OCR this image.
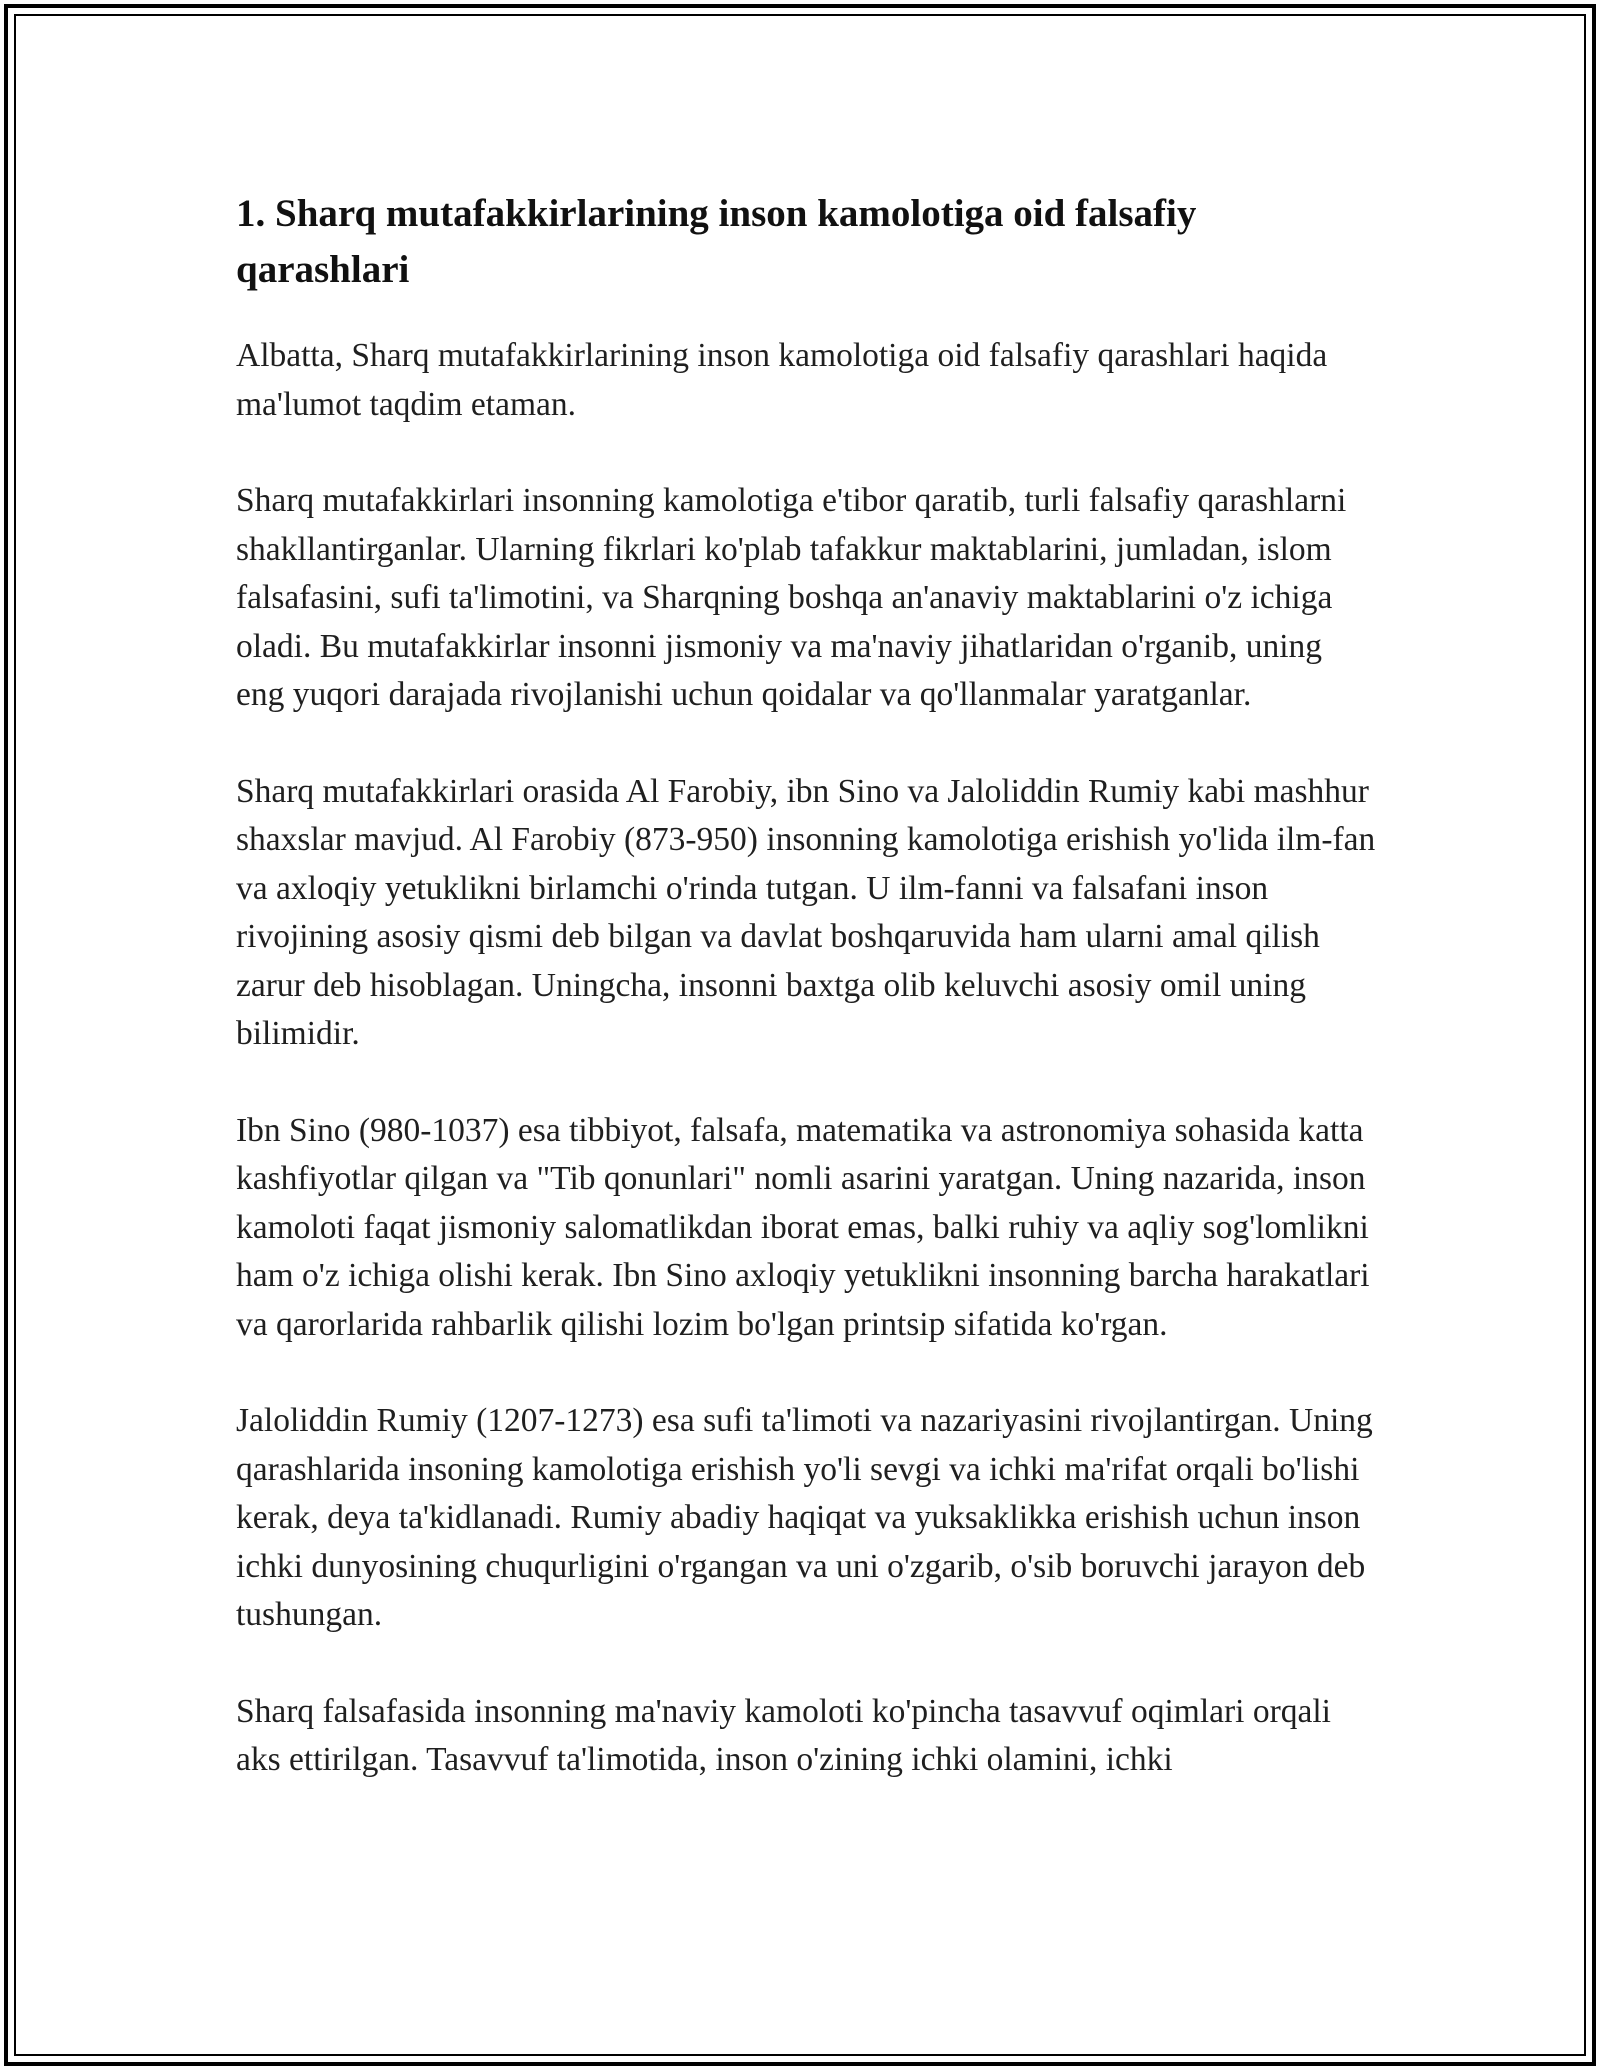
1. Sharq mutafakkirlarining inson kamolotiga oid falsafiy qarashlari

Albatta, Sharq mutafakkirlarining inson kamolotiga oid falsafiy qarashlari haqida ma'lumot taqdim etaman.

Sharq mutafakkirlari insonning kamolotiga e'tibor qaratib, turli falsafiy qarashlarni shakllantirganlar. Ularning fikrlari ko'plab tafakkur maktablarini, jumladan, islom falsafasini, sufi ta'limotini, va Sharqning boshqa an'anaviy maktablarini o'z ichiga oladi. Bu mutafakkirlar insonni jismoniy va ma'naviy jihatlaridan o'rganib, uning eng yuqori darajada rivojlanishi uchun qoidalar va qo'llanmalar yaratganlar.

Sharq mutafakkirlari orasida Al Farobiy, ibn Sino va Jaloliddin Rumiy kabi mashhur shaxslar mavjud. Al Farobiy (873-950) insonning kamolotiga erishish yo'lida ilm-fan va axloqiy yetuklikni birlamchi o'rinda tutgan. U ilm-fanni va falsafani inson rivojining asosiy qismi deb bilgan va davlat boshqaruvida ham ularni amal qilish zarur deb hisoblagan. Uningcha, insonni baxtga olib keluvchi asosiy omil uning bilimidir.

Ibn Sino (980-1037) esa tibbiyot, falsafa, matematika va astronomiya sohasida katta kashfiyotlar qilgan va "Tib qonunlari" nomli asarini yaratgan. Uning nazarida, inson kamoloti faqat jismoniy salomatlikdan iborat emas, balki ruhiy va aqliy sog'lomlikni ham o'z ichiga olishi kerak. Ibn Sino axloqiy yetuklikni insonning barcha harakatlari va qarorlarida rahbarlik qilishi lozim bo'lgan printsip sifatida ko'rgan.

Jaloliddin Rumiy (1207-1273) esa sufi ta'limoti va nazariyasini rivojlantirgan. Uning qarashlarida insoning kamolotiga erishish yo'li sevgi va ichki ma'rifat orqali bo'lishi kerak, deya ta'kidlanadi. Rumiy abadiy haqiqat va yuksaklikka erishish uchun inson ichki dunyosining chuqurligini o'rgangan va uni o'zgarib, o'sib boruvchi jarayon deb tushungan.

Sharq falsafasida insonning ma'naviy kamoloti ko'pincha tasavvuf oqimlari orqali aks ettirilgan. Tasavvuf ta'limotida, inson o'zining ichki olamini, ichki
